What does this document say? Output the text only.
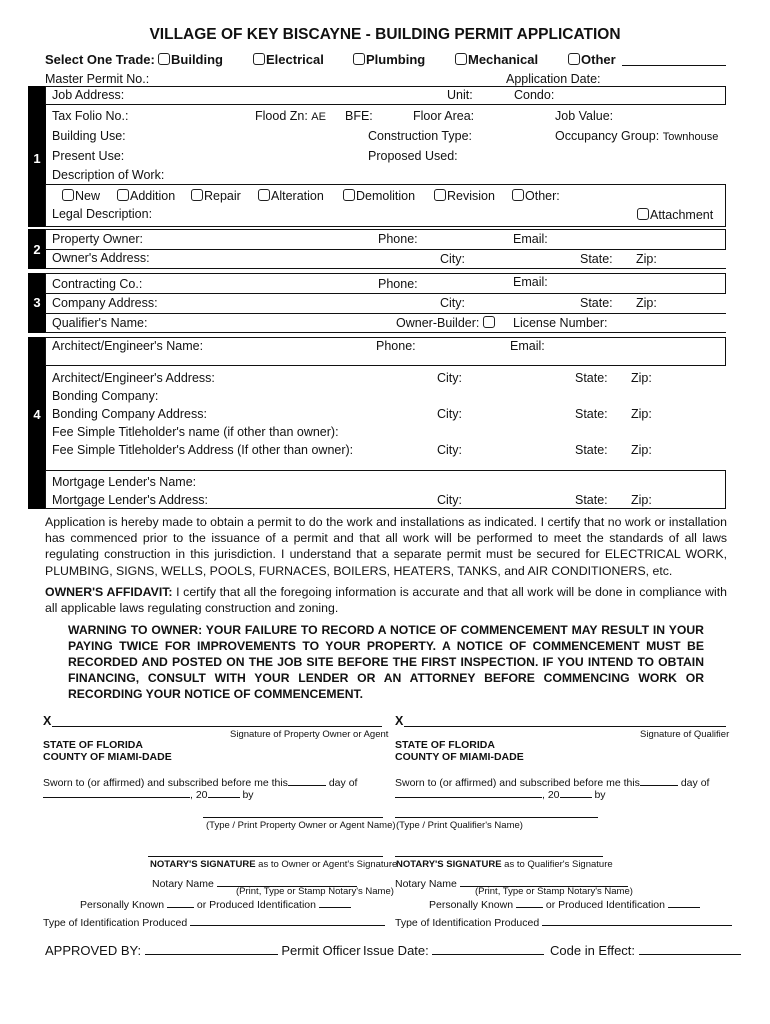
VILLAGE OF KEY BISCAYNE - BUILDING PERMIT APPLICATION
Select One Trade:	Building	Electrical	Plumbing	Mechanical	Other
Master Permit No.:	Application Date:
1
Job Address:	Unit:	Condo:
Tax Folio No.:	Flood Zn: AE BFE:	Floor Area:	Job Value:
Building Use:	Construction Type:	Occupancy Group: Townhouse
Present Use:	Proposed Used:
Description of Work:
New	Addition	Repair	Alteration	Demolition	Revision	Other:
Legal Description:	Attachment
2
Property Owner:	Phone:	Email:
Owner's Address:	City:	State: Zip:
3
Contracting Co.:	Phone:	Email:
Company Address:	City:	State: Zip:
Qualifier's Name:	Owner-Builder:	License Number:
4
Architect/Engineer's Name:	Phone:	Email:
Architect/Engineer's Address:	City:	State: Zip:
Bonding Company:
Bonding Company Address:	City:	State: Zip:
Fee Simple Titleholder's name (if other than owner):
Fee Simple Titleholder's Address (If other than owner):	City:	State: Zip:
Mortgage Lender's Name:
Mortgage Lender's Address:	City:	State: Zip:
Application is hereby made to obtain a permit to do the work and installations as indicated. I certify that no work or installation has commenced prior to the issuance of a permit and that all work will be performed to meet the standards of all laws regulating construction in this jurisdiction. I understand that a separate permit must be secured for ELECTRICAL WORK, PLUMBING, SIGNS, WELLS, POOLS, FURNACES, BOILERS, HEATERS, TANKS, and AIR CONDITIONERS, etc.
OWNER'S AFFIDAVIT: I certify that all the foregoing information is accurate and that all work will be done in compliance with all applicable laws regulating construction and zoning.
WARNING TO OWNER: YOUR FAILURE TO RECORD A NOTICE OF COMMENCEMENT MAY RESULT IN YOUR PAYING TWICE FOR IMPROVEMENTS TO YOUR PROPERTY. A NOTICE OF COMMENCEMENT MUST BE RECORDED AND POSTED ON THE JOB SITE BEFORE THE FIRST INSPECTION. IF YOU INTEND TO OBTAIN FINANCING, CONSULT WITH YOUR LENDER OR AN ATTORNEY BEFORE COMMENCING WORK OR RECORDING YOUR NOTICE OF COMMENCEMENT.
X
Signature of Property Owner or Agent
STATE OF FLORIDA
COUNTY OF MIAMI-DADE
Sworn to (or affirmed) and subscribed before me this	day of
, 20	by
(Type / Print Property Owner or Agent Name)
NOTARY'S SIGNATURE as to Owner or Agent's Signature
Notary Name
(Print, Type or Stamp Notary's Name)
Personally Known	or Produced Identification
Type of Identification Produced
X
Signature of Qualifier
STATE OF FLORIDA
COUNTY OF MIAMI-DADE
Sworn to (or affirmed) and subscribed before me this	day of
, 20	by
(Type / Print Qualifier's Name)
NOTARY'S SIGNATURE as to Qualifier's Signature
Notary Name
(Print, Type or Stamp Notary's Name)
Personally Known	or Produced Identification
Type of Identification Produced
APPROVED BY:	Permit Officer Issue Date:	Code in Effect:
